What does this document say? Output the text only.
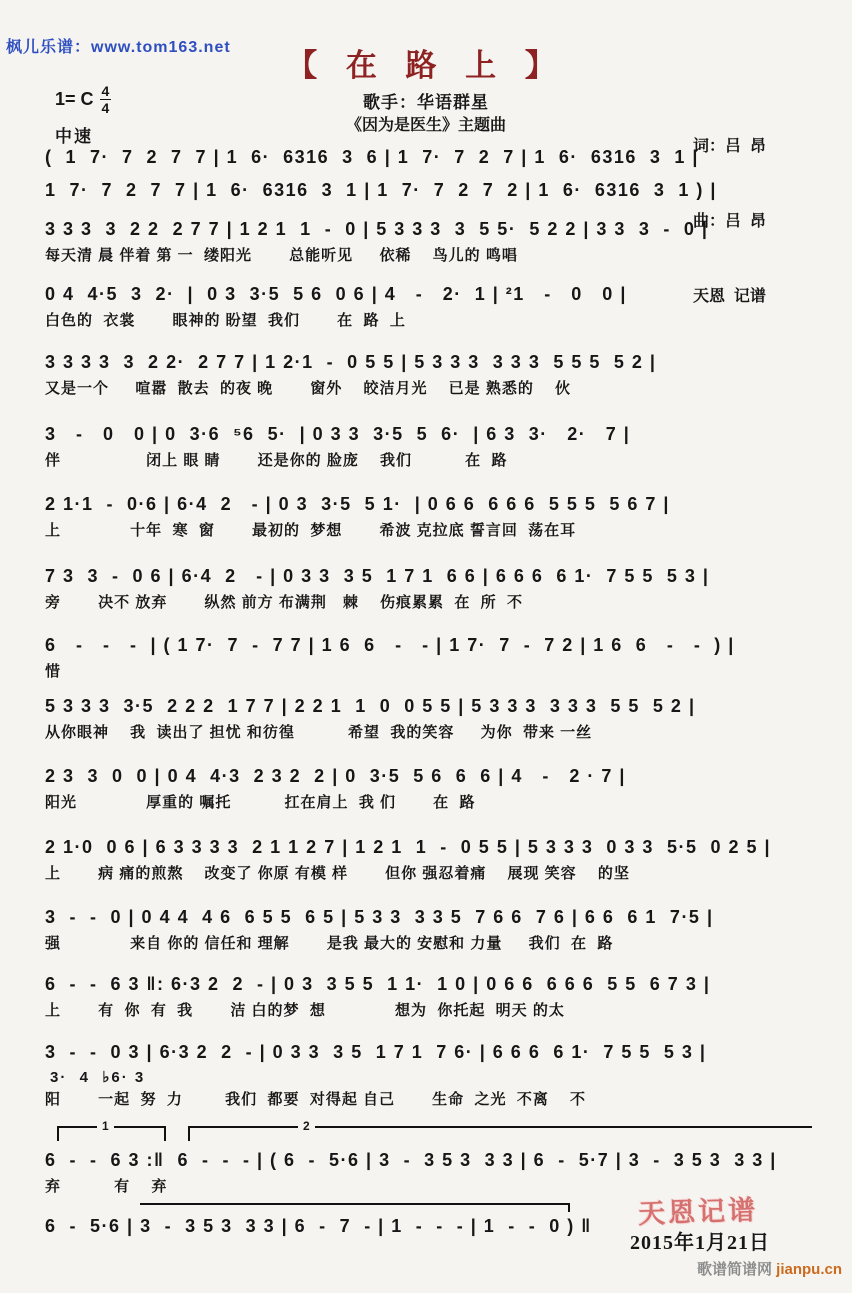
枫儿乐谱：www.tom163.net
【 在 路 上 】
1= C $\frac{4}{4}$
中速
歌手：华语群星
《因为是医生》主题曲

词：吕  昂

曲：吕  昂

天恩  记谱

(  1  7·  7  2  7  7 | 1  6·  6316  3  6 | 1  7·  7  2  7 | 1  6·  6316  3  1 |
1  7·  7  2  7  7 | 1  6·  6316  3  1 | 1  7·  7  2  7  2 | 1  6·  6316  3  1 ) |
3 3 3  3  2 2  2 7 7 | 1 2 1  1  -  0 | 5 3 3 3  3  5 5·  5 2 2 | 3 3  3  -  0 |
每天清 晨 伴着 第 一  缕阳光　　 总能听见　  依稀　 鸟儿的 鸣唱
0 4  4·5  3  2·  |  0 3  3·5  5 6  0 6 | 4   -   2·  1 | ²1   -   0   0 |
白色的  衣裳　　 眼神的 盼望  我们　　 在  路  上
3 3 3 3  3  2 2·  2 7 7 | 1 2·1  -  0 5 5 | 5 3 3 3  3 3 3  5 5 5  5 2 |
又是一个　  喧嚣  散去  的夜 晚　　 窗外　 皎洁月光　 已是 熟悉的　 伙
3   -   0   0 | 0  3·6  ⁵6  5·  | 0 3 3  3·5  5  6·  | 6 3  3·   2·   7 |
伴　　　　　 闭上 眼 睛　　 还是你的 脸庞　 我们　　　 在  路
2 1·1  -  0·6 | 6·4  2   - | 0 3  3·5  5 1·  | 0 6 6  6 6 6  5 5 5  5 6 7 |
上　　　　 十年  寒  窗　　 最初的  梦想　　 希波 克拉底 誓言回  荡在耳
7 3  3  -  0 6 | 6·4  2   - | 0 3 3  3 5  1 7 1  6 6 | 6 6 6  6 1·  7 5 5  5 3 |
旁　　 决不 放弃　　 纵然 前方 布满荆　棘　 伤痕累累  在  所  不
6   -   -   -  | ( 1 7·  7  -  7 7 | 1 6  6   -   - | 1 7·  7  -  7 2 | 1 6  6   -   -  ) |
惜
5 3 3 3  3·5  2 2 2  1 7 7 | 2 2 1  1  0  0 5 5 | 5 3 3 3  3 3 3  5 5  5 2 |
从你眼神　 我  读出了 担忧 和彷徨　　　 希望  我的笑容　  为你  带来 一丝
2 3  3  0  0 | 0 4  4·3  2 3 2  2 | 0  3·5  5 6  6  6 | 4   -   2 · 7 |
阳光　　　　 厚重的 嘱托　　　 扛在肩上  我 们　　 在  路
2 1·0  0 6 | 6 3 3 3 3  2 1 1 2 7 | 1 2 1  1  -  0 5 5 | 5 3 3 3  0 3 3  5·5  0 2 5 |
上　　 病 痛的煎熬　 改变了 你原 有模 样　　 但你 强忍着痛　 展现 笑容　 的坚
3  -  -  0 | 0 4 4  4 6  6 5 5  6 5 | 5 3 3  3 3 5  7 6 6  7 6 | 6 6  6 1  7·5 |
强　　　　 来自 你的 信任和 理解　　 是我 最大的 安慰和 力量　  我们  在  路
6  -  -  6 3 ‖: 6·3 2  2  - | 0 3  3 5 5  1 1·  1 0 | 0 6 6  6 6 6  5 5  6 7 3 |
上　　 有  你  有  我　　 洁 白的梦  想　　　　 想为  你托起  明天 的太
3  -  -  0 3 | 6·3 2  2  - | 0 3 3  3 5  1 7 1  7 6· | 6 6 6  6 1·  7 5 5  5 3 |
阳　　 一起  努  力　　  我们  都要  对得起 自己　　 生命  之光  不离　 不
3·  4  ♭6· 3
1	2
6  -  -  6 3 :‖  6  -  -  - | ( 6  -  5·6 | 3  -  3 5 3  3 3 | 6  -  5·7 | 3  -  3 5 3  3 3 |
弃　　　 有　 弃
6  -  5·6 | 3  -  3 5 3  3 3 | 6  -  7  - | 1  -  -  - | 1  -  -  0 ) ‖	天恩记谱
2015年1月21日
歌谱简谱网 jianpu.cn
